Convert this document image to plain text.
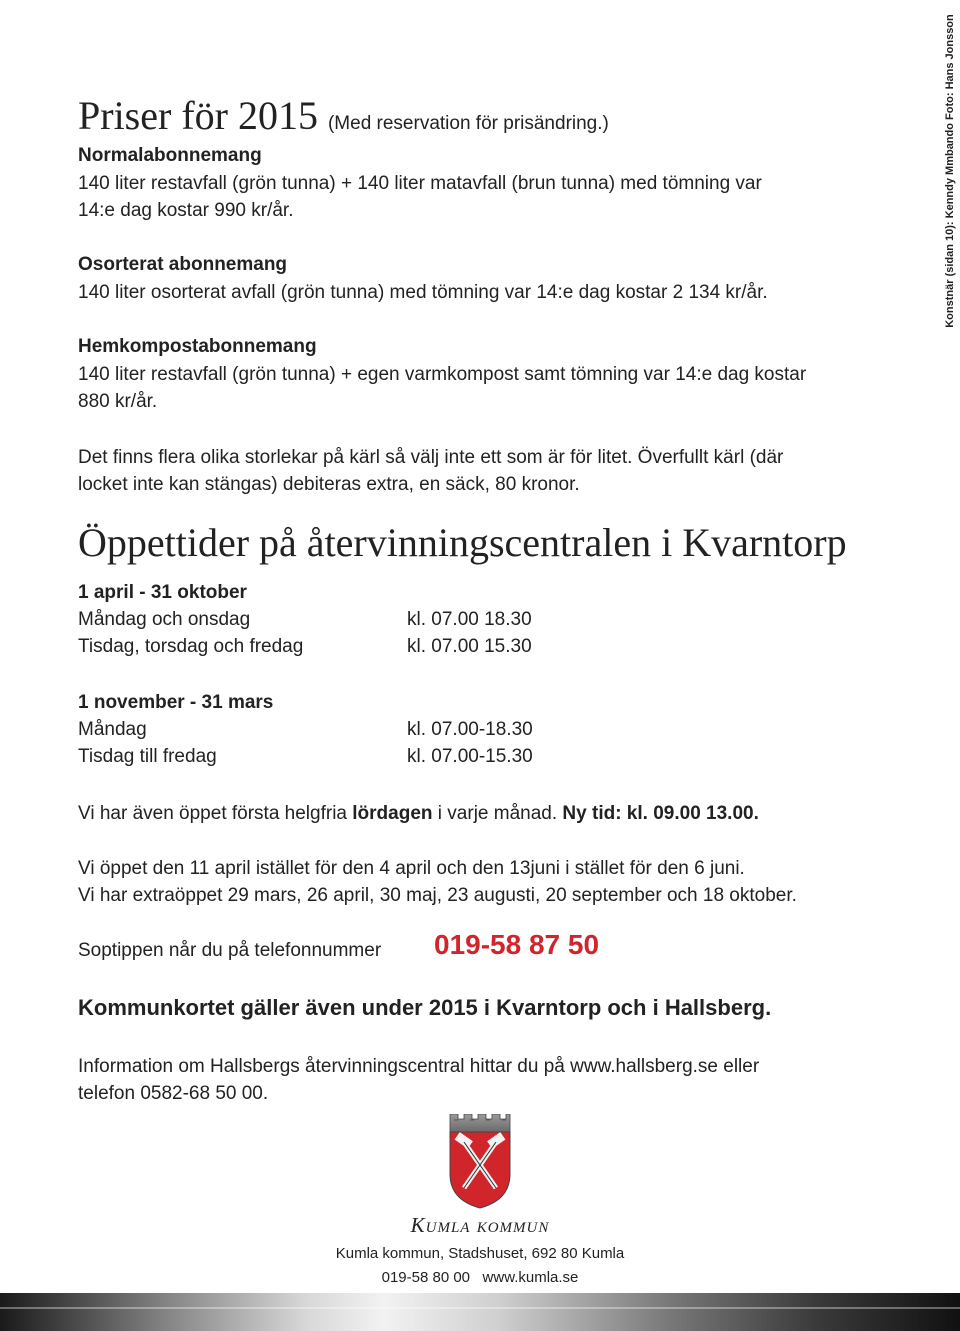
Priser för 2015 (Med reservation för prisändring.)
Normalabonnemang
140 liter restavfall (grön tunna) + 140 liter matavfall (brun tunna) med tömning var
14:e dag kostar 990 kr/år.
Osorterat abonnemang
140 liter osorterat avfall (grön tunna) med tömning var 14:e dag kostar 2 134 kr/år.
Hemkompostabonnemang
140 liter restavfall (grön tunna) + egen varmkompost samt tömning var 14:e dag kostar
880 kr/år.
Det finns flera olika storlekar på kärl så välj inte ett som är för litet. Överfullt kärl (där
locket inte kan stängas) debiteras extra, en säck, 80 kronor.
Öppettider på återvinningscentralen i Kvarntorp
1 april - 31 oktober
Måndag och onsdag	kl. 07.00 18.30
Tisdag, torsdag och fredag	kl. 07.00 15.30
1 november - 31 mars
Måndag	kl. 07.00-18.30
Tisdag till fredag	kl. 07.00-15.30
Vi har även öppet första helgfria lördagen i varje månad. Ny tid: kl. 09.00 13.00.
Vi öppet den 11 april istället för den 4 april och den 13juni i stället för den 6 juni.
Vi har extraöppet 29 mars, 26 april, 30 maj, 23 augusti, 20 september och 18 oktober.
Soptippen når du på telefonnummer 019-58 87 50
Kommunkortet gäller även under 2015 i Kvarntorp och i Hallsberg.
Information om Hallsbergs återvinningscentral hittar du på www.hallsberg.se eller
telefon 0582-68 50 00.
Konstnär (sidan 10): Kenndy Mmbando Foto: Hans Jonsson
Kumla kommun
Kumla kommun, Stadshuset, 692 80 Kumla
019-58 80 00   www.kumla.se
